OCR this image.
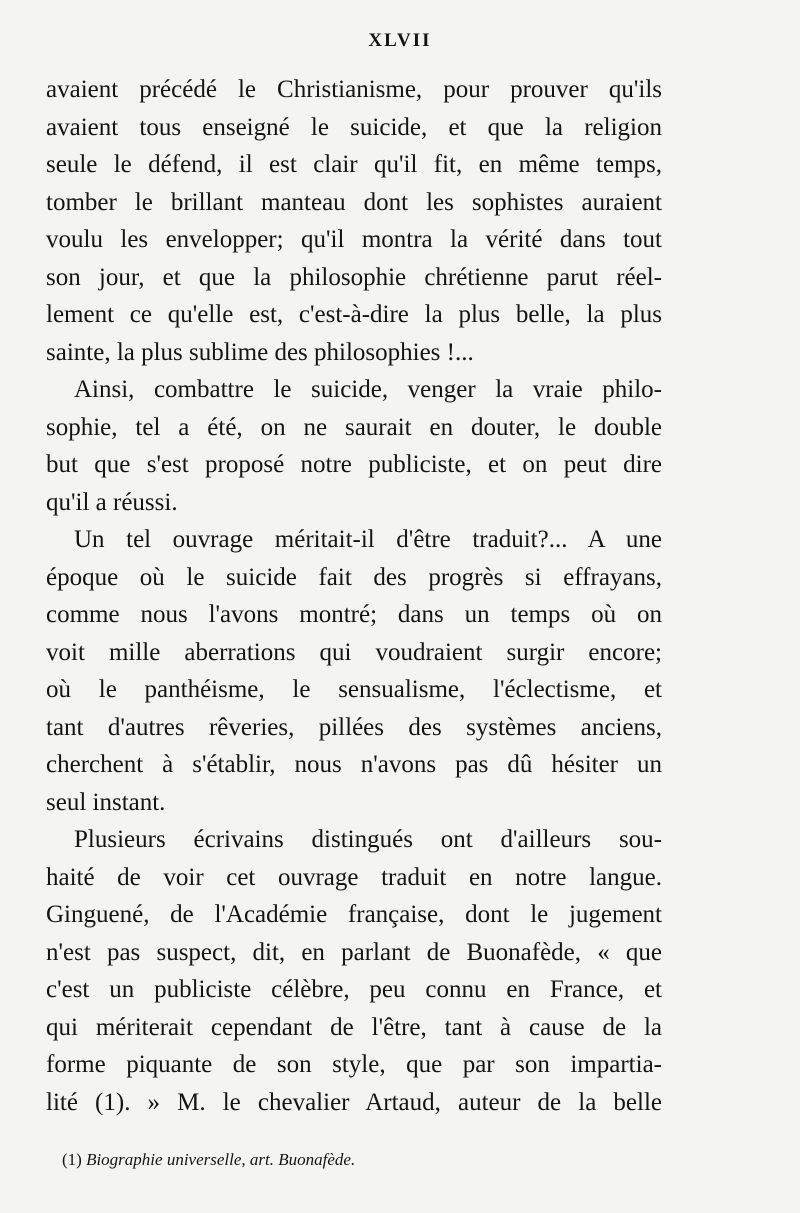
XLVII
avaient précédé le Christianisme, pour prouver qu'ils
avaient tous enseigné le suicide, et que la religion
seule le défend, il est clair qu'il fit, en même temps,
tomber le brillant manteau dont les sophistes auraient
voulu les envelopper; qu'il montra la vérité dans tout
son jour, et que la philosophie chrétienne parut réel-
lement ce qu'elle est, c'est-à-dire la plus belle, la plus
sainte, la plus sublime des philosophies !...
Ainsi, combattre le suicide, venger la vraie philo-
sophie, tel a été, on ne saurait en douter, le double
but que s'est proposé notre publiciste, et on peut dire
qu'il a réussi.
Un tel ouvrage méritait-il d'être traduit?... A une
époque où le suicide fait des progrès si effrayans,
comme nous l'avons montré; dans un temps où on
voit mille aberrations qui voudraient surgir encore;
où le panthéisme, le sensualisme, l'éclectisme, et
tant d'autres rêveries, pillées des systèmes anciens,
cherchent à s'établir, nous n'avons pas dû hésiter un
seul instant.
Plusieurs écrivains distingués ont d'ailleurs sou-
haité de voir cet ouvrage traduit en notre langue.
Ginguené, de l'Académie française, dont le jugement
n'est pas suspect, dit, en parlant de Buonafède, « que
c'est un publiciste célèbre, peu connu en France, et
qui mériterait cependant de l'être, tant à cause de la
forme piquante de son style, que par son impartia-
lité (1). » M. le chevalier Artaud, auteur de la belle
(1) Biographie universelle, art. Buonafède.
